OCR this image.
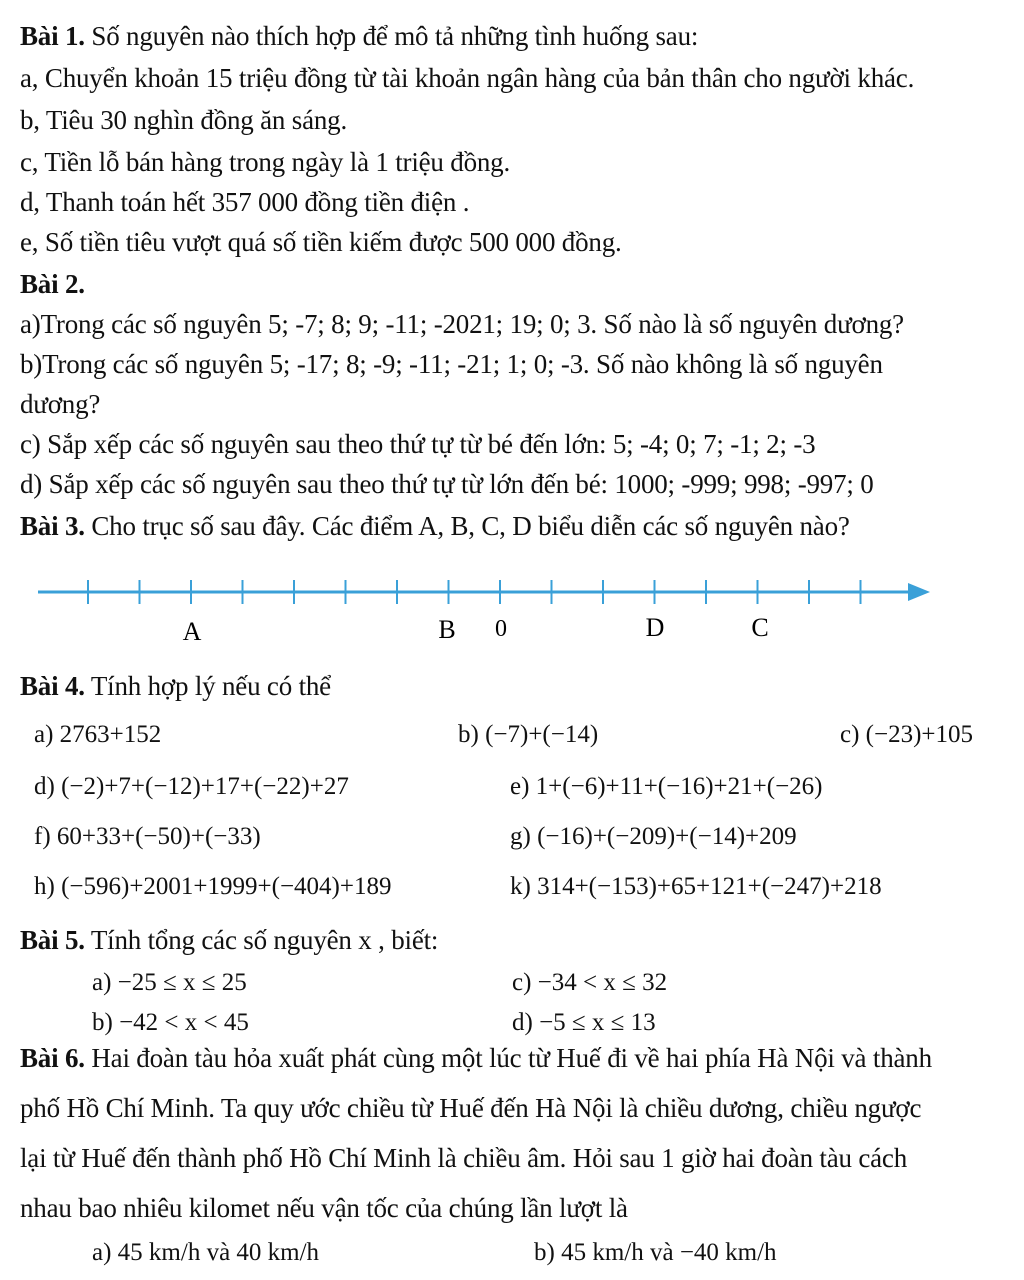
Bài 1. Số nguyên nào thích hợp để mô tả những tình huống sau:
a, Chuyển khoản 15 triệu đồng từ tài khoản ngân hàng của bản thân cho người khác.
b, Tiêu 30 nghìn đồng ăn sáng.
c, Tiền lỗ bán hàng trong ngày là 1 triệu đồng.
d, Thanh toán hết 357 000 đồng tiền điện .
e, Số tiền tiêu vượt quá số tiền kiếm được 500 000 đồng.
Bài 2.
a)Trong các số nguyên 5; -7; 8; 9; -11; -2021; 19; 0; 3. Số nào là số nguyên dương?
b)Trong các số nguyên 5; -17; 8; -9; -11; -21; 1; 0; -3. Số nào không là số nguyên
dương?
c) Sắp xếp các số nguyên sau theo thứ tự từ bé đến lớn: 5; -4; 0; 7; -1; 2; -3
d) Sắp xếp các số nguyên sau theo thứ tự từ lớn đến bé: 1000; -999; 998; -997; 0
Bài 3. Cho trục số sau đây. Các điểm A, B, C, D biểu diễn các số nguyên nào?
A	B 0	D	C
Bài 4. Tính hợp lý nếu có thể
a) 2763+152	b) (−7)+(−14)	c) (−23)+105
d) (−2)+7+(−12)+17+(−22)+27	e) 1+(−6)+11+(−16)+21+(−26)
f) 60+33+(−50)+(−33)	g) (−16)+(−209)+(−14)+209
h) (−596)+2001+1999+(−404)+189	k) 314+(−153)+65+121+(−247)+218
Bài 5. Tính tổng các số nguyên x , biết:
a) −25 ≤ x ≤ 25	c) −34 < x ≤ 32
b) −42 < x < 45	d) −5 ≤ x ≤ 13
Bài 6. Hai đoàn tàu hỏa xuất phát cùng một lúc từ Huế đi về hai phía Hà Nội và thành
phố Hồ Chí Minh. Ta quy ước chiều từ Huế đến Hà Nội là chiều dương, chiều ngược
lại từ Huế đến thành phố Hồ Chí Minh là chiều âm. Hỏi sau 1 giờ hai đoàn tàu cách
nhau bao nhiêu kilomet nếu vận tốc của chúng lần lượt là
a) 45 km/h và 40 km/h	b) 45 km/h và −40 km/h
